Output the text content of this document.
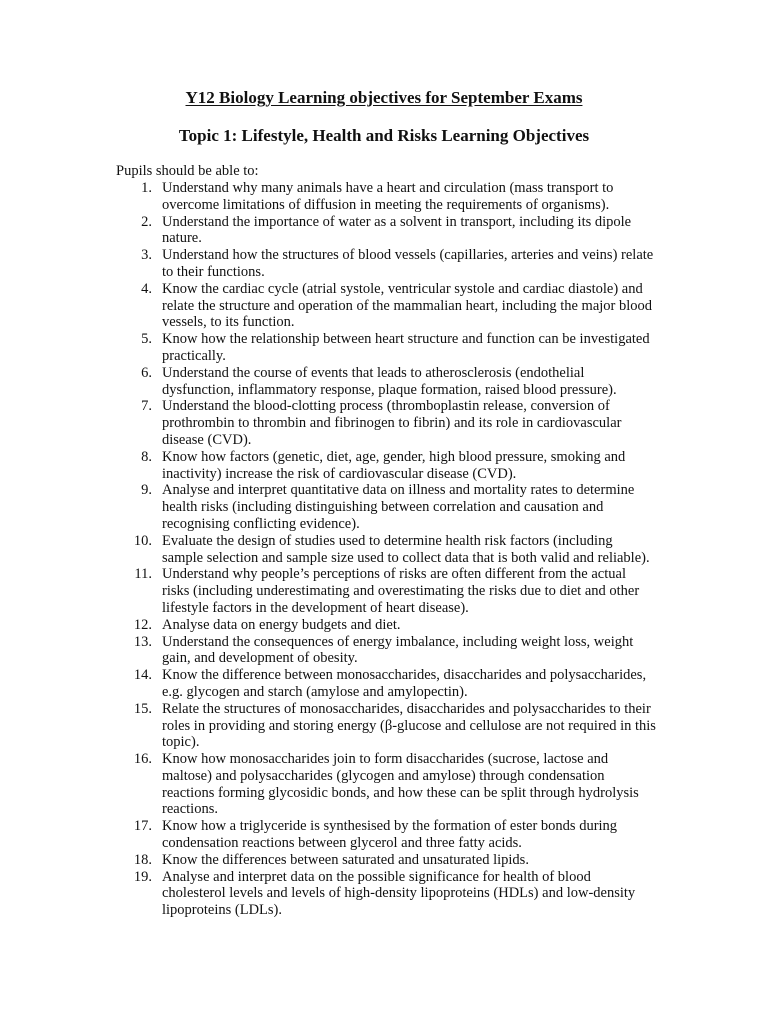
Y12 Biology Learning objectives for September Exams
Topic 1: Lifestyle, Health and Risks Learning Objectives

Pupils should be able to:

1. Understand why many animals have a heart and circulation (mass transport to overcome limitations of diffusion in meeting the requirements of organisms).
2. Understand the importance of water as a solvent in transport, including its dipole nature.
3. Understand how the structures of blood vessels (capillaries, arteries and veins) relate to their functions.
4. Know the cardiac cycle (atrial systole, ventricular systole and cardiac diastole) and relate the structure and operation of the mammalian heart, including the major blood vessels, to its function.
5. Know how the relationship between heart structure and function can be investigated practically.
6. Understand the course of events that leads to atherosclerosis (endothelial dysfunction, inflammatory response, plaque formation, raised blood pressure).
7. Understand the blood-clotting process (thromboplastin release, conversion of prothrombin to thrombin and fibrinogen to fibrin) and its role in cardiovascular disease (CVD).
8. Know how factors (genetic, diet, age, gender, high blood pressure, smoking and inactivity) increase the risk of cardiovascular disease (CVD).
9. Analyse and interpret quantitative data on illness and mortality rates to determine health risks (including distinguishing between correlation and causation and recognising conflicting evidence).
10. Evaluate the design of studies used to determine health risk factors (including sample selection and sample size used to collect data that is both valid and reliable).
11. Understand why people’s perceptions of risks are often different from the actual risks (including underestimating and overestimating the risks due to diet and other lifestyle factors in the development of heart disease).
12. Analyse data on energy budgets and diet.
13. Understand the consequences of energy imbalance, including weight loss, weight gain, and development of obesity.
14. Know the difference between monosaccharides, disaccharides and polysaccharides, e.g. glycogen and starch (amylose and amylopectin).
15. Relate the structures of monosaccharides, disaccharides and polysaccharides to their roles in providing and storing energy (β-glucose and cellulose are not required in this topic).
16. Know how monosaccharides join to form disaccharides (sucrose, lactose and maltose) and polysaccharides (glycogen and amylose) through condensation reactions forming glycosidic bonds, and how these can be split through hydrolysis reactions.
17. Know how a triglyceride is synthesised by the formation of ester bonds during condensation reactions between glycerol and three fatty acids.
18. Know the differences between saturated and unsaturated lipids.
19. Analyse and interpret data on the possible significance for health of blood cholesterol levels and levels of high-density lipoproteins (HDLs) and low-density lipoproteins (LDLs).
